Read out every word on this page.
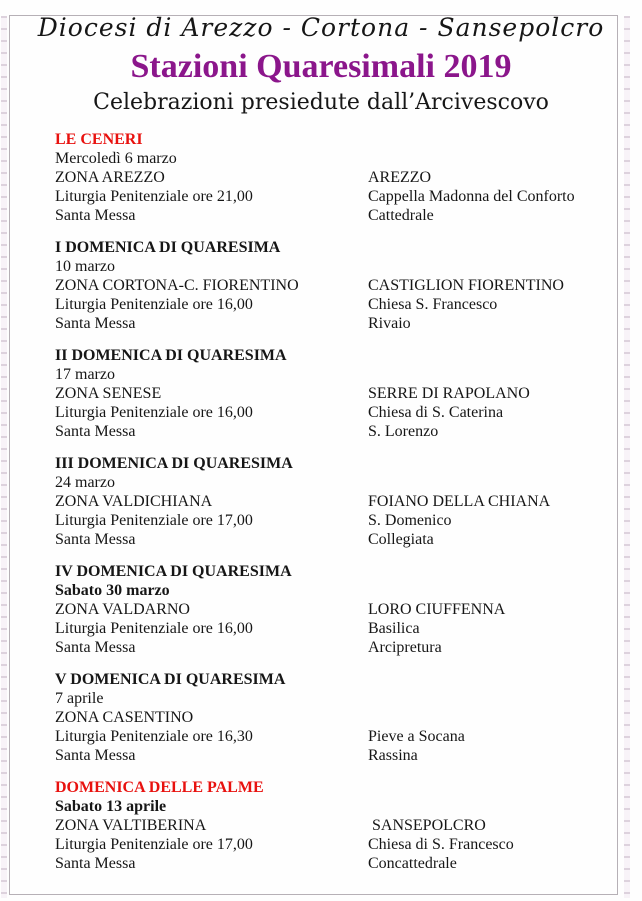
Diocesi di Arezzo - Cortona - Sansepolcro
Stazioni Quaresimali 2019
Celebrazioni presiedute dall’Arcivescovo
LE CENERI
Mercoledì 6 marzo
ZONA AREZZO	AREZZO
Liturgia Penitenziale ore 21,00	Cappella Madonna del Conforto
Santa Messa	Cattedrale
I DOMENICA DI QUARESIMA
10 marzo
ZONA CORTONA-C. FIORENTINO	CASTIGLION FIORENTINO
Liturgia Penitenziale ore 16,00	Chiesa S. Francesco
Santa Messa	Rivaio
II DOMENICA DI QUARESIMA
17 marzo
ZONA SENESE	SERRE DI RAPOLANO
Liturgia Penitenziale ore 16,00	Chiesa di S. Caterina
Santa Messa	S. Lorenzo
III DOMENICA DI QUARESIMA
24 marzo
ZONA VALDICHIANA	FOIANO DELLA CHIANA
Liturgia Penitenziale ore 17,00	S. Domenico
Santa Messa	Collegiata
IV DOMENICA DI QUARESIMA
Sabato 30 marzo
ZONA VALDARNO	LORO CIUFFENNA
Liturgia Penitenziale ore 16,00	Basilica
Santa Messa	Arcipretura
V DOMENICA DI QUARESIMA
7 aprile
ZONA CASENTINO
Liturgia Penitenziale ore 16,30	Pieve a Socana
Santa Messa	Rassina
DOMENICA DELLE PALME
Sabato 13 aprile
ZONA VALTIBERINA	SANSEPOLCRO
Liturgia Penitenziale ore 17,00	Chiesa di S. Francesco
Santa Messa	Concattedrale
